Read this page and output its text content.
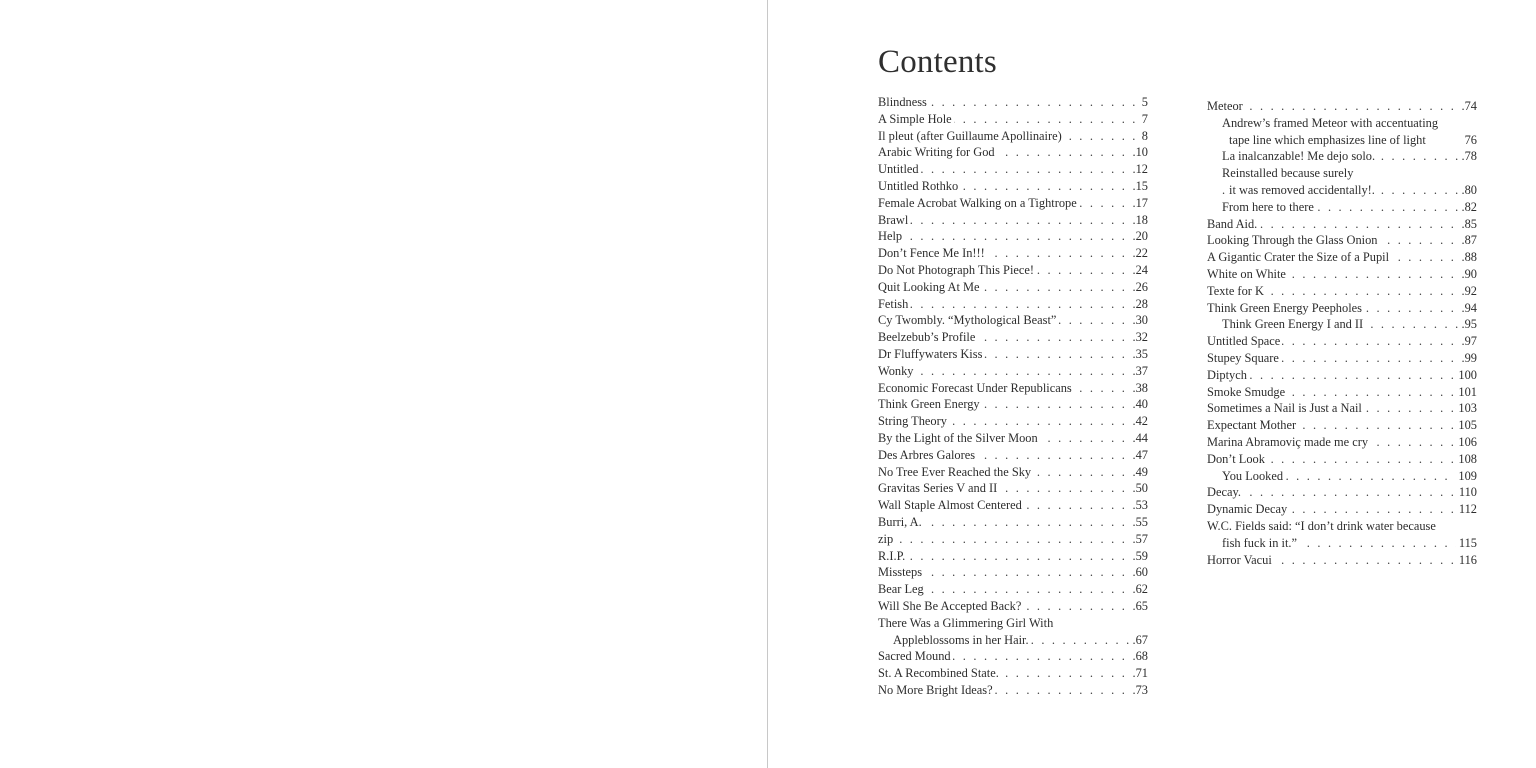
Contents
Blindness	5
. . .
A Simple Hole	7
. . .
Il pleut (after Guillaume Apollinaire)	8
. . .
Arabic Writing for God	.10
. . .
Untitled	.12
. . .
Untitled Rothko	.15
. . .
Female Acrobat Walking on a Tightrope	.17
. . .
Brawl	.18
. . .
Help	.20
. . .
Don’t Fence Me In!!!	.22
. . .
Do Not Photograph This Piece!	.24
. . .
Quit Looking At Me	.26
. . .
Fetish	.28
. . .
Cy Twombly. “Mythological Beast”	.30
. . .
Beelzebub’s Profile	.32
. . .
Dr Fluffywaters Kiss	.35
. . .
Wonky	.37
. . .
Economic Forecast Under Republicans	.38
. . .
Think Green Energy	.40
. . .
String Theory	.42
. . .
By the Light of the Silver Moon	.44
. . .
Des Arbres Galores	.47
. . .
No Tree Ever Reached the Sky	.49
. . .
Gravitas Series V and II	.50
. . .
Wall Staple Almost Centered	.53
. . .
Burri, A.	.55
. . .
zip	.57
. . .
R.I.P.	.59
. . .
Missteps	.60
. . .
Bear Leg	.62
. . .
Will She Be Accepted Back?	.65
. . .
There Was a Glimmering Girl With
Appleblossoms in her Hair.	.67
. . .
Sacred Mound	.68
. . .
St. A Recombined State.	.71
. . .
No More Bright Ideas?	.73
. . .
Meteor	.74
. . .
Andrew’s framed Meteor with accentuating
tape line which emphasizes line of light	76
La inalcanzable! Me dejo solo.	.78
. . .
Reinstalled because surely
it was removed accidentally!.	.80
. . .
From here to there	.82
. . .
Band Aid.	.85
. . .
Looking Through the Glass Onion	.87
. . .
A Gigantic Crater the Size of a Pupil	.88
. . .
White on White	.90
. . .
Texte for K	.92
. . .
Think Green Energy Peepholes	.94
. . .
Think Green Energy I and II	.95
. . .
Untitled Space	.97
. . .
Stupey Square	.99
. . .
Diptych	100
. . .
Smoke Smudge	101
. . .
Sometimes a Nail is Just a Nail	103
. . .
Expectant Mother	105
. . .
Marina Abramoviç made me cry	106
. . .
Don’t Look	108
. . .
You Looked	109
. . .
Decay.	110
. . .
Dynamic Decay	112
. . .
W.C. Fields said: “I don’t drink water because
fish fuck in it.”	115
. . .
Horror Vacui	116
. . .
